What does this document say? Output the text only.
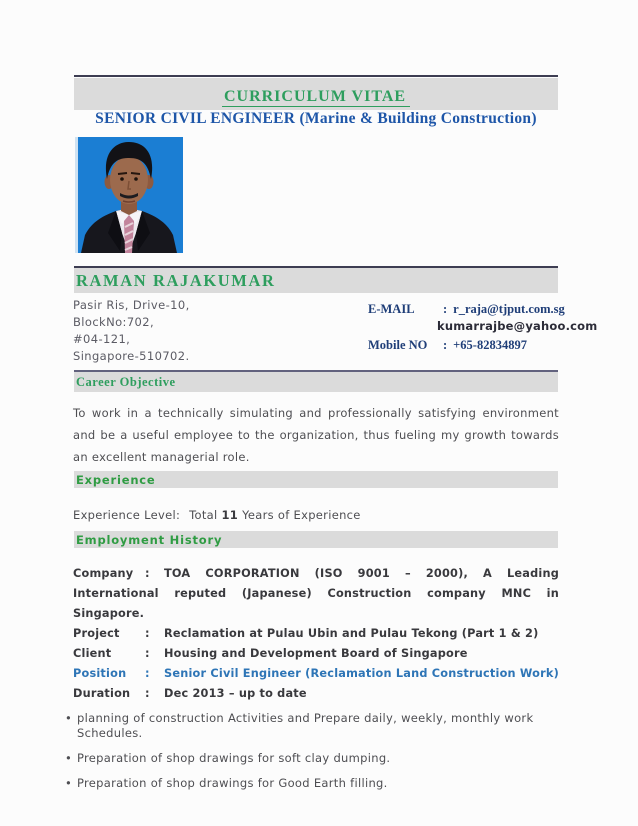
CURRICULUM VITAE
SENIOR CIVIL ENGINEER (Marine & Building Construction)
RAMAN RAJAKUMAR
Pasir Ris, Drive-10,
BlockNo:702,
#04-121,
Singapore-510702.
E-MAIL : r_raja@tjput.com.sg
kumarrajbe@yahoo.com
Mobile NO : +65-82834897
Career Objective

To work in a technically simulating and professionally satisfying environment and be a useful employee to the organization, thus fueling my growth towards an excellent managerial role.

Experience
Experience Level: Total 11 Years of Experience
Employment History
Company : TOA CORPORATION (ISO 9001 – 2000), A Leading International reputed (Japanese) Construction company MNC in Singapore.
Project : Reclamation at Pulau Ubin and Pulau Tekong (Part 1 & 2)
Client	: Housing and Development Board of Singapore
Position : Senior Civil Engineer (Reclamation Land Construction Work)
Duration : Dec 2013 – up to date
• planning of construction Activities and Prepare daily, weekly, monthly work Schedules.
• Preparation of shop drawings for soft clay dumping.
• Preparation of shop drawings for Good Earth filling.
